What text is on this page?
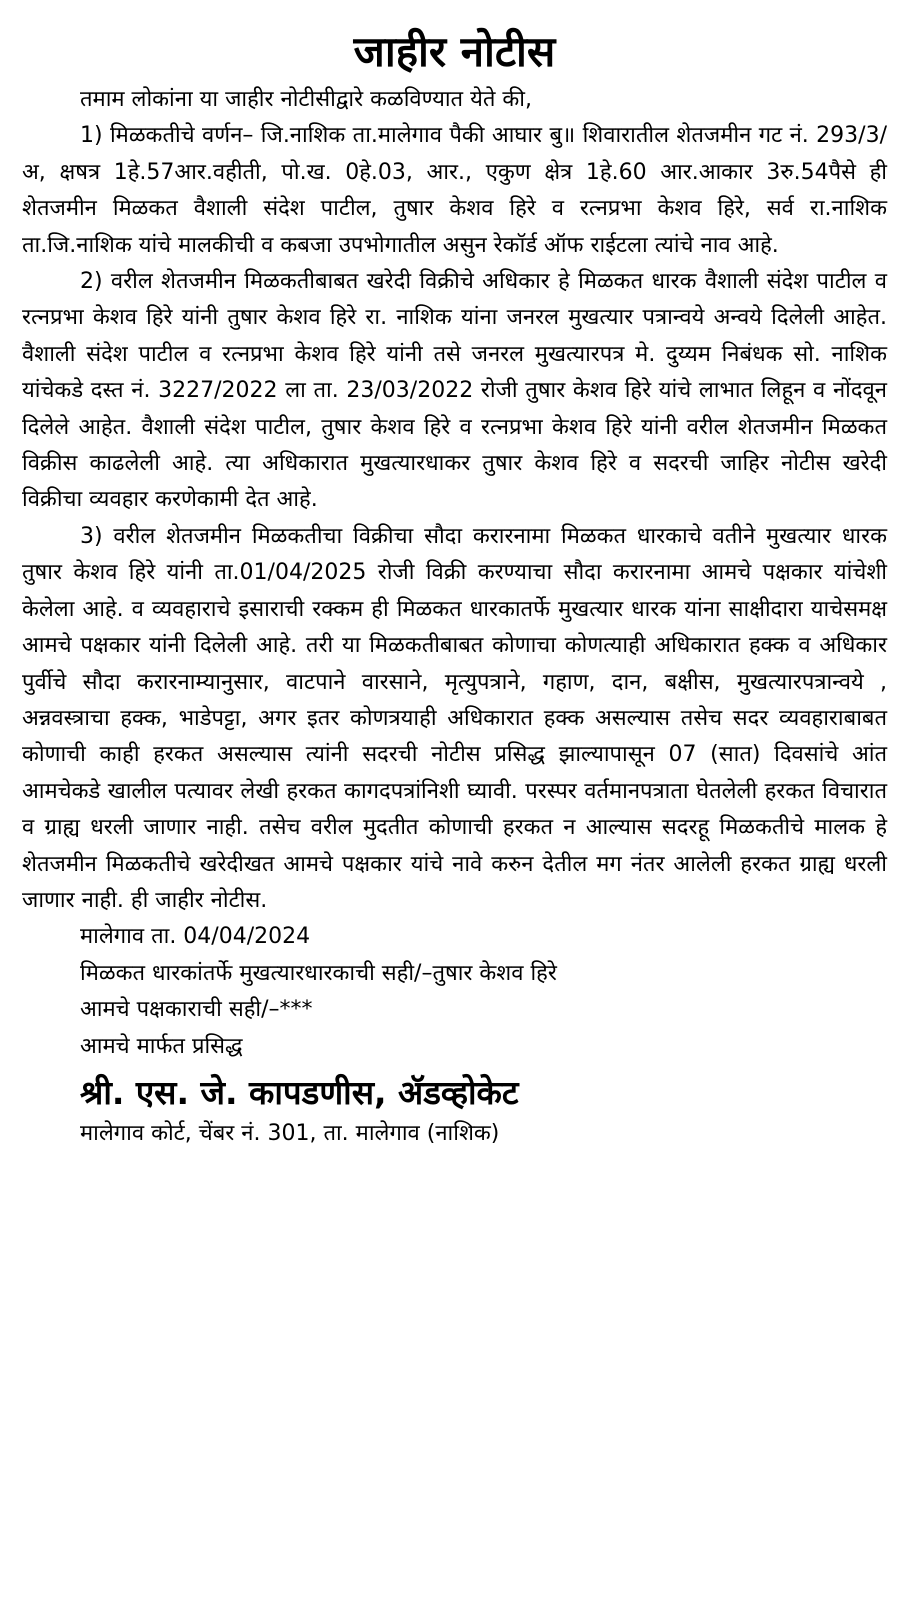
जाहीर नोटीस

तमाम लोकांना या जाहीर नोटीसीद्वारे कळविण्यात येते की,

1) मिळकतीचे वर्णन– जि.नाशिक ता.मालेगाव पैकी आघार बु॥ शिवारातील शेतजमीन गट नं. 293/3/अ, क्षषत्र 1हे.57आर.वहीती, पो.ख. 0हे.03, आर., एकुण क्षेत्र 1हे.60 आर.आकार 3रु.54पैसे ही शेतजमीन मिळकत वैशाली संदेश पाटील, तुषार केशव हिरे व रत्नप्रभा केशव हिरे, सर्व रा.नाशिक ता.जि.नाशिक यांचे मालकीची व कबजा उपभोगातील असुन रेकॉर्ड ऑफ राईटला त्यांचे नाव आहे.

2) वरील शेतजमीन मिळकतीबाबत खरेदी विक्रीचे अधिकार हे मिळकत धारक वैशाली संदेश पाटील व रत्नप्रभा केशव हिरे यांनी तुषार केशव हिरे रा. नाशिक यांना जनरल मुखत्यार पत्रान्वये अन्वये दिलेली आहेत. वैशाली संदेश पाटील व रत्नप्रभा केशव हिरे यांनी तसे जनरल मुखत्यारपत्र मे. दुय्यम निबंधक सो. नाशिक यांचेकडे दस्त नं. 3227/2022 ला ता. 23/03/2022 रोजी तुषार केशव हिरे यांचे लाभात लिहून व नोंदवून दिलेले आहेत. वैशाली संदेश पाटील, तुषार केशव हिरे व रत्नप्रभा केशव हिरे यांनी वरील शेतजमीन मिळकत विक्रीस काढलेली आहे. त्या अधिकारात मुखत्यारधाकर तुषार केशव हिरे व सदरची जाहिर नोटीस खरेदी विक्रीचा व्यवहार करणेकामी देत आहे.

3) वरील शेतजमीन मिळकतीचा विक्रीचा सौदा करारनामा मिळकत धारकाचे वतीने मुखत्यार धारक तुषार केशव हिरे यांनी ता.01/04/2025 रोजी विक्री करण्याचा सौदा करारनामा आमचे पक्षकार यांचेशी केलेला आहे. व व्यवहाराचे इसाराची रक्कम ही मिळकत धारकातर्फे मुखत्यार धारक यांना साक्षीदारा याचेसमक्ष आमचे पक्षकार यांनी दिलेली आहे. तरी या मिळकतीबाबत कोणाचा कोणत्याही अधिकारात हक्क व अधिकार पुर्वीचे सौदा करारनाम्यानुसार, वाटपाने वारसाने, मृत्युपत्राने, गहाण, दान, बक्षीस, मुखत्यारपत्रान्वये , अन्नवस्त्राचा हक्क, भाडेपट्टा, अगर इतर कोणत्रयाही अधिकारात हक्क असल्यास तसेच सदर व्यवहाराबाबत कोणाची काही हरकत असल्यास त्यांनी सदरची नोटीस प्रसिद्ध झाल्यापासून 07 (सात) दिवसांचे आंत आमचेकडे खालील पत्यावर लेखी हरकत कागदपत्रांनिशी घ्यावी. परस्पर वर्तमानपत्राता घेतलेली हरकत विचारात व ग्राह्य धरली जाणार नाही. तसेच वरील मुदतीत कोणाची हरकत न आल्यास सदरहू मिळकतीचे मालक हे शेतजमीन मिळकतीचे खरेदीखत आमचे पक्षकार यांचे नावे करुन देतील मग नंतर आलेली हरकत ग्राह्य धरली जाणार नाही. ही जाहीर नोटीस.

मालेगाव ता. 04/04/2024
मिळकत धारकांतर्फे मुखत्यारधारकाची सही/–तुषार केशव हिरे
आमचे पक्षकाराची सही/–***
आमचे मार्फत प्रसिद्ध
श्री. एस. जे. कापडणीस, ॲडव्होकेट
मालेगाव कोर्ट, चेंबर नं. 301, ता. मालेगाव (नाशिक)
